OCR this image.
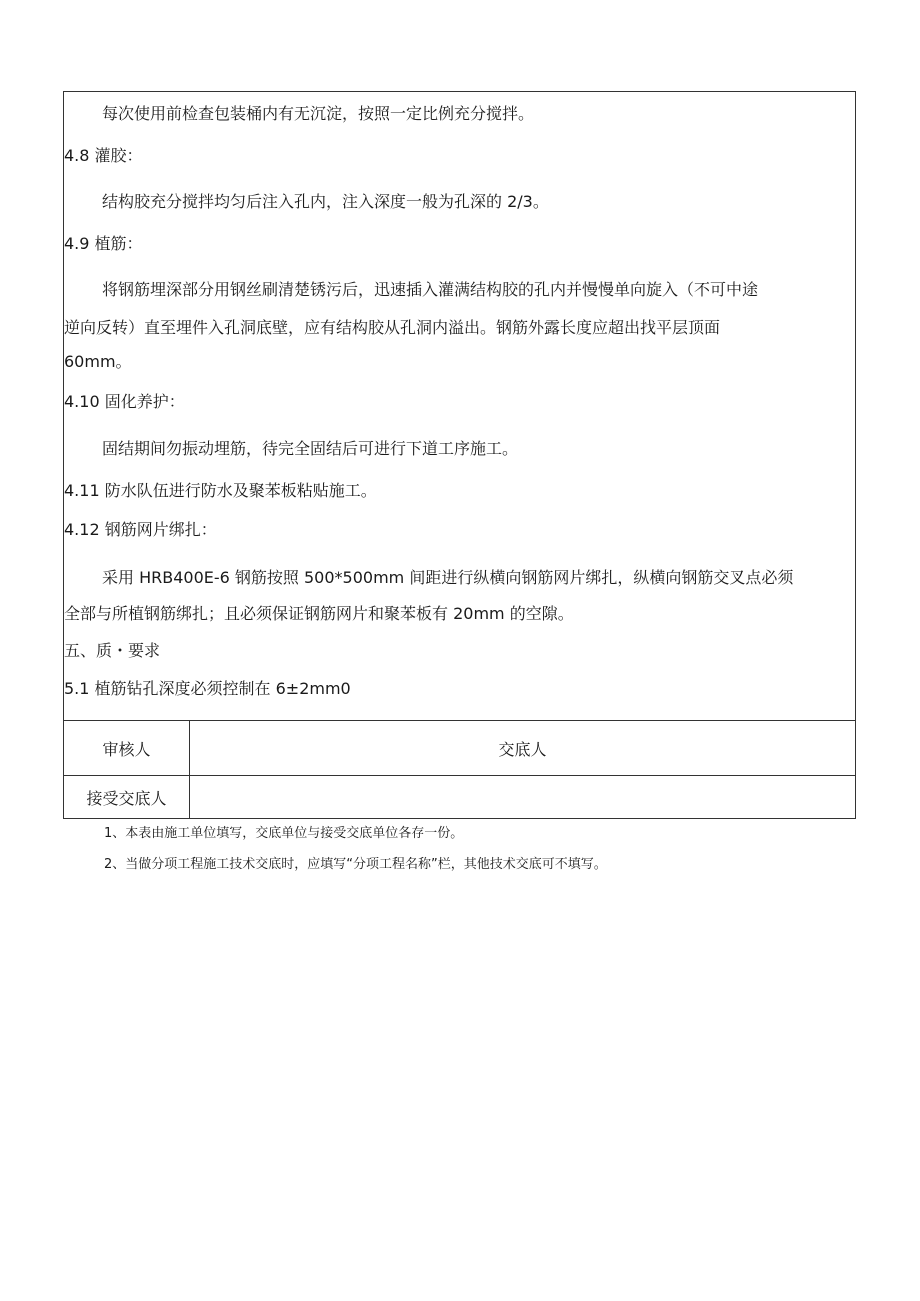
每次使用前检查包装桶内有无沉淀，按照一定比例充分搅拌。
4.8 灌胶：
结构胶充分搅拌均匀后注入孔内，注入深度一般为孔深的 2/3。
4.9 植筋：
将钢筋埋深部分用钢丝刷清楚锈污后，迅速插入灌满结构胶的孔内并慢慢单向旋入（不可中途
逆向反转）直至埋件入孔洞底壁，应有结构胶从孔洞内溢出。钢筋外露长度应超出找平层顶面
60mm。
4.10 固化养护：
固结期间勿振动埋筋，待完全固结后可进行下道工序施工。
4.11 防水队伍进行防水及聚苯板粘贴施工。
4.12 钢筋网片绑扎：
采用 HRB400E-6 钢筋按照 500*500mm 间距进行纵横向钢筋网片绑扎，纵横向钢筋交叉点必须
全部与所植钢筋绑扎；且必须保证钢筋网片和聚苯板有 20mm 的空隙。
五、质・要求
5.1 植筋钻孔深度必须控制在 6±2mm0
审核人	交底人
接受交底人
1、本表由施工单位填写，交底单位与接受交底单位各存一份。
2、当做分项工程施工技术交底时，应填写“分项工程名称”栏，其他技术交底可不填写。
